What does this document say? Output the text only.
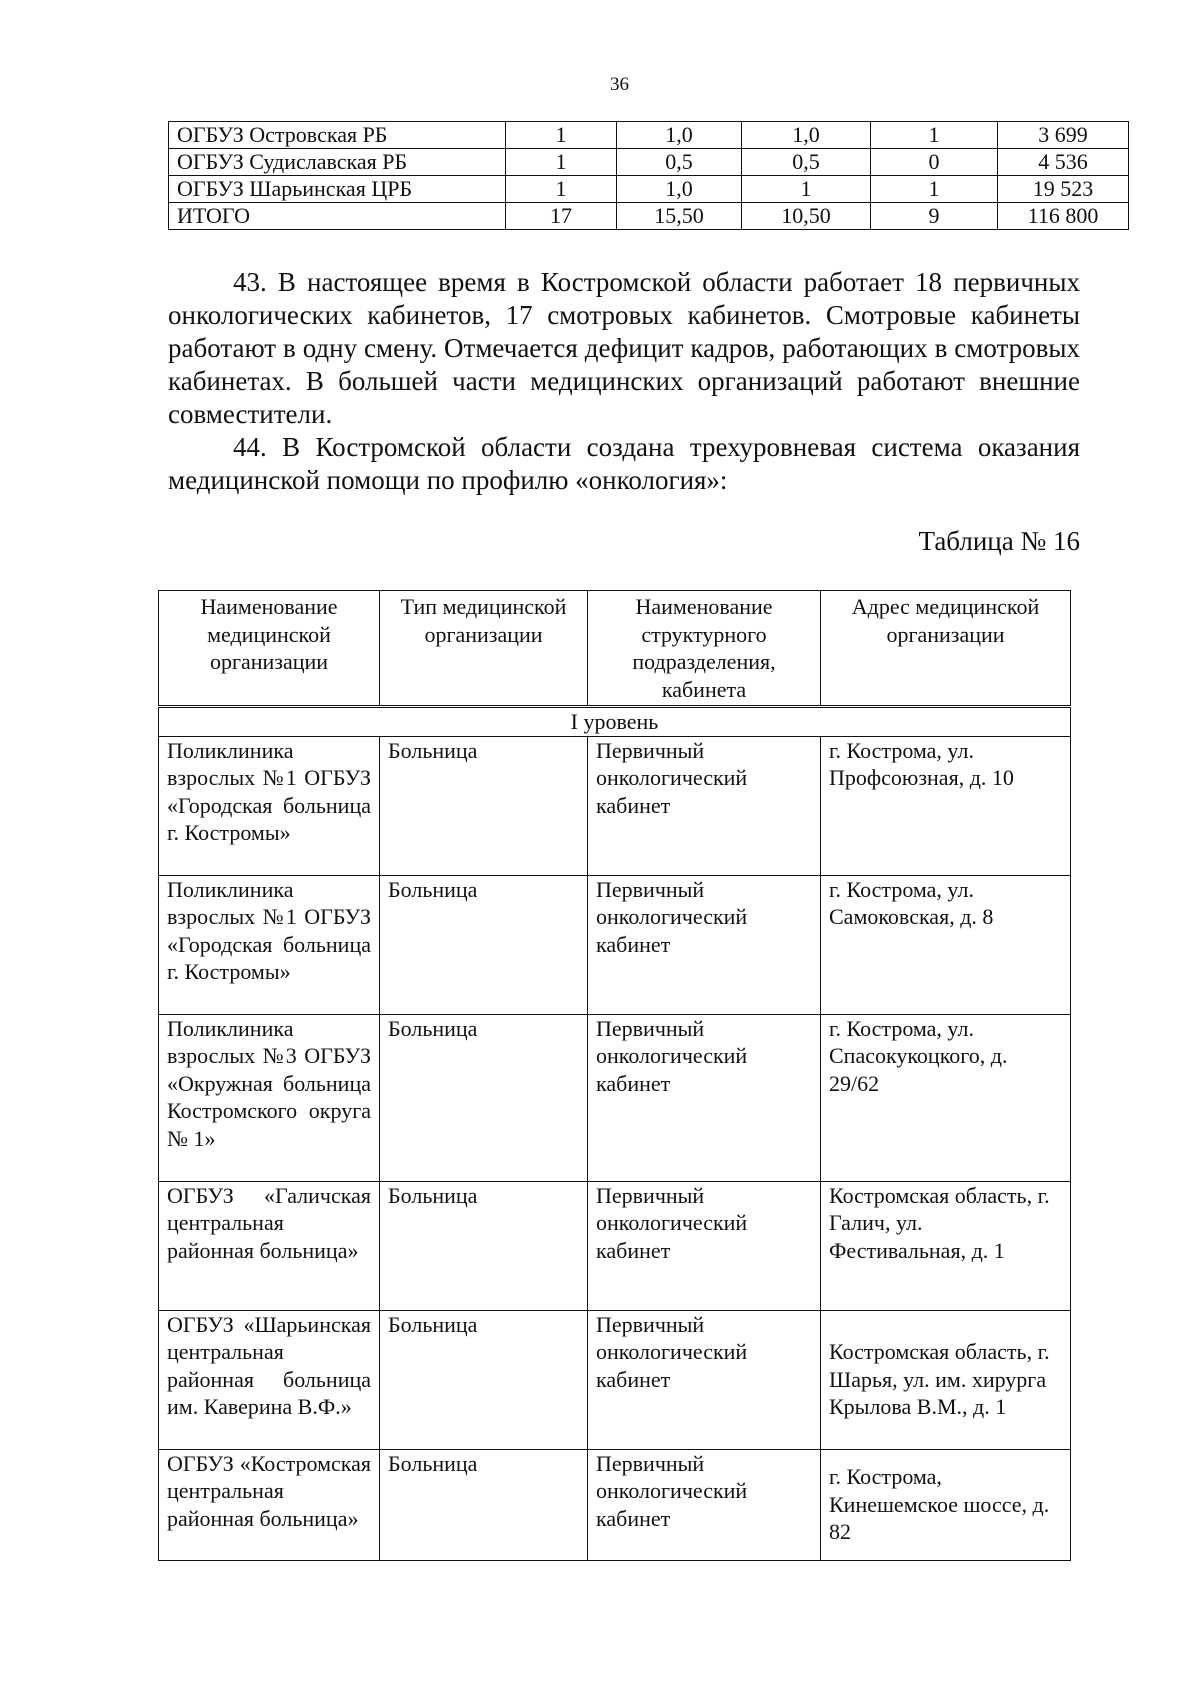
36
ОГБУЗ Островская РБ	1	1,0	1,0	1	3 699
ОГБУЗ Судиславская РБ	1	0,5	0,5	0	4 536
ОГБУЗ Шарьинская ЦРБ	1	1,0	1	1	19 523
ИТОГО	17	15,50	10,50	9	116 800

43. В настоящее время в Костромской области работает 18 первичных онкологических кабинетов, 17 смотровых кабинетов. Смотровые кабинеты работают в одну смену. Отмечается дефицит кадров, работающих в смотровых кабинетах. В большей части медицинских организаций работают внешние совместители.

44. В Костромской области создана трехуровневая система оказания медицинской помощи по профилю «онкология»:

Таблица № 16
Наименование медицинской организации	Тип медицинской организации	Наименование структурного подразделения, кабинета	Адрес медицинской организации
I уровень			
Поликлиника взрослых №1 ОГБУЗ «Городская больница г. Костромы»	Больница	Первичный онкологический кабинет	г. Кострома, ул. Профсоюзная, д. 10
Поликлиника взрослых №1 ОГБУЗ «Городская больница г. Костромы»	Больница	Первичный онкологический кабинет	г. Кострома, ул. Самоковская, д. 8
Поликлиника взрослых №3 ОГБУЗ «Окружная больница Костромского округа № 1»	Больница	Первичный онкологический кабинет	г. Кострома, ул. Спасокукоцкого, д. 29/62
ОГБУЗ «Галичская центральная районная больница»	Больница	Первичный онкологический кабинет	Костромская область, г. Галич, ул. Фестивальная, д. 1
ОГБУЗ «Шарьинская центральная районная больница им. Каверина В.Ф.»	Больница	Первичный онкологический кабинет	Костромская область, г. Шарья, ул. им. хирурга Крылова В.М., д. 1
ОГБУЗ «Костромская центральная районная больница»	Больница	Первичный онкологический кабинет	г. Кострома, Кинешемское шоссе, д. 82
